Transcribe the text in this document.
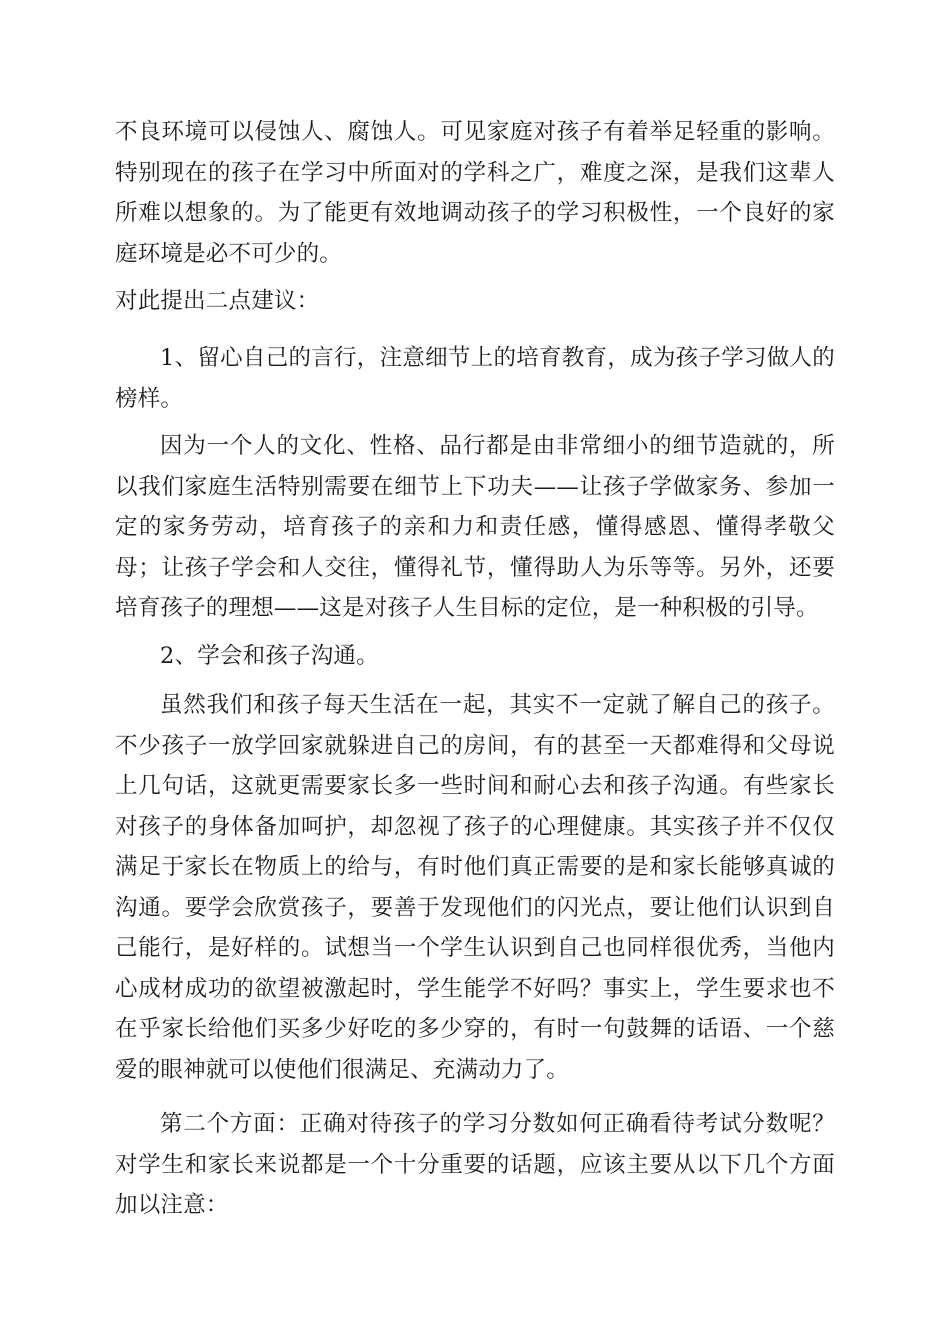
不良环境可以侵蚀人、腐蚀人。可见家庭对孩子有着举足轻重的影响。特别现在的孩子在学习中所面对的学科之广，难度之深，是我们这辈人所难以想象的。为了能更有效地调动孩子的学习积极性，一个良好的家庭环境是必不可少的。

对此提出二点建议：

1、留心自己的言行，注意细节上的培育教育，成为孩子学习做人的榜样。

因为一个人的文化、性格、品行都是由非常细小的细节造就的，所以我们家庭生活特别需要在细节上下功夫——让孩子学做家务、参加一定的家务劳动，培育孩子的亲和力和责任感，懂得感恩、懂得孝敬父母；让孩子学会和人交往，懂得礼节，懂得助人为乐等等。另外，还要培育孩子的理想——这是对孩子人生目标的定位，是一种积极的引导。

2、学会和孩子沟通。

虽然我们和孩子每天生活在一起，其实不一定就了解自己的孩子。不少孩子一放学回家就躲进自己的房间，有的甚至一天都难得和父母说上几句话，这就更需要家长多一些时间和耐心去和孩子沟通。有些家长对孩子的身体备加呵护，却忽视了孩子的心理健康。其实孩子并不仅仅满足于家长在物质上的给与，有时他们真正需要的是和家长能够真诚的沟通。要学会欣赏孩子，要善于发现他们的闪光点，要让他们认识到自己能行，是好样的。试想当一个学生认识到自己也同样很优秀，当他内心成材成功的欲望被激起时，学生能学不好吗？事实上，学生要求也不在乎家长给他们买多少好吃的多少穿的，有时一句鼓舞的话语、一个慈爱的眼神就可以使他们很满足、充满动力了。

第二个方面：正确对待孩子的学习分数如何正确看待考试分数呢？对学生和家长来说都是一个十分重要的话题，应该主要从以下几个方面加以注意：
